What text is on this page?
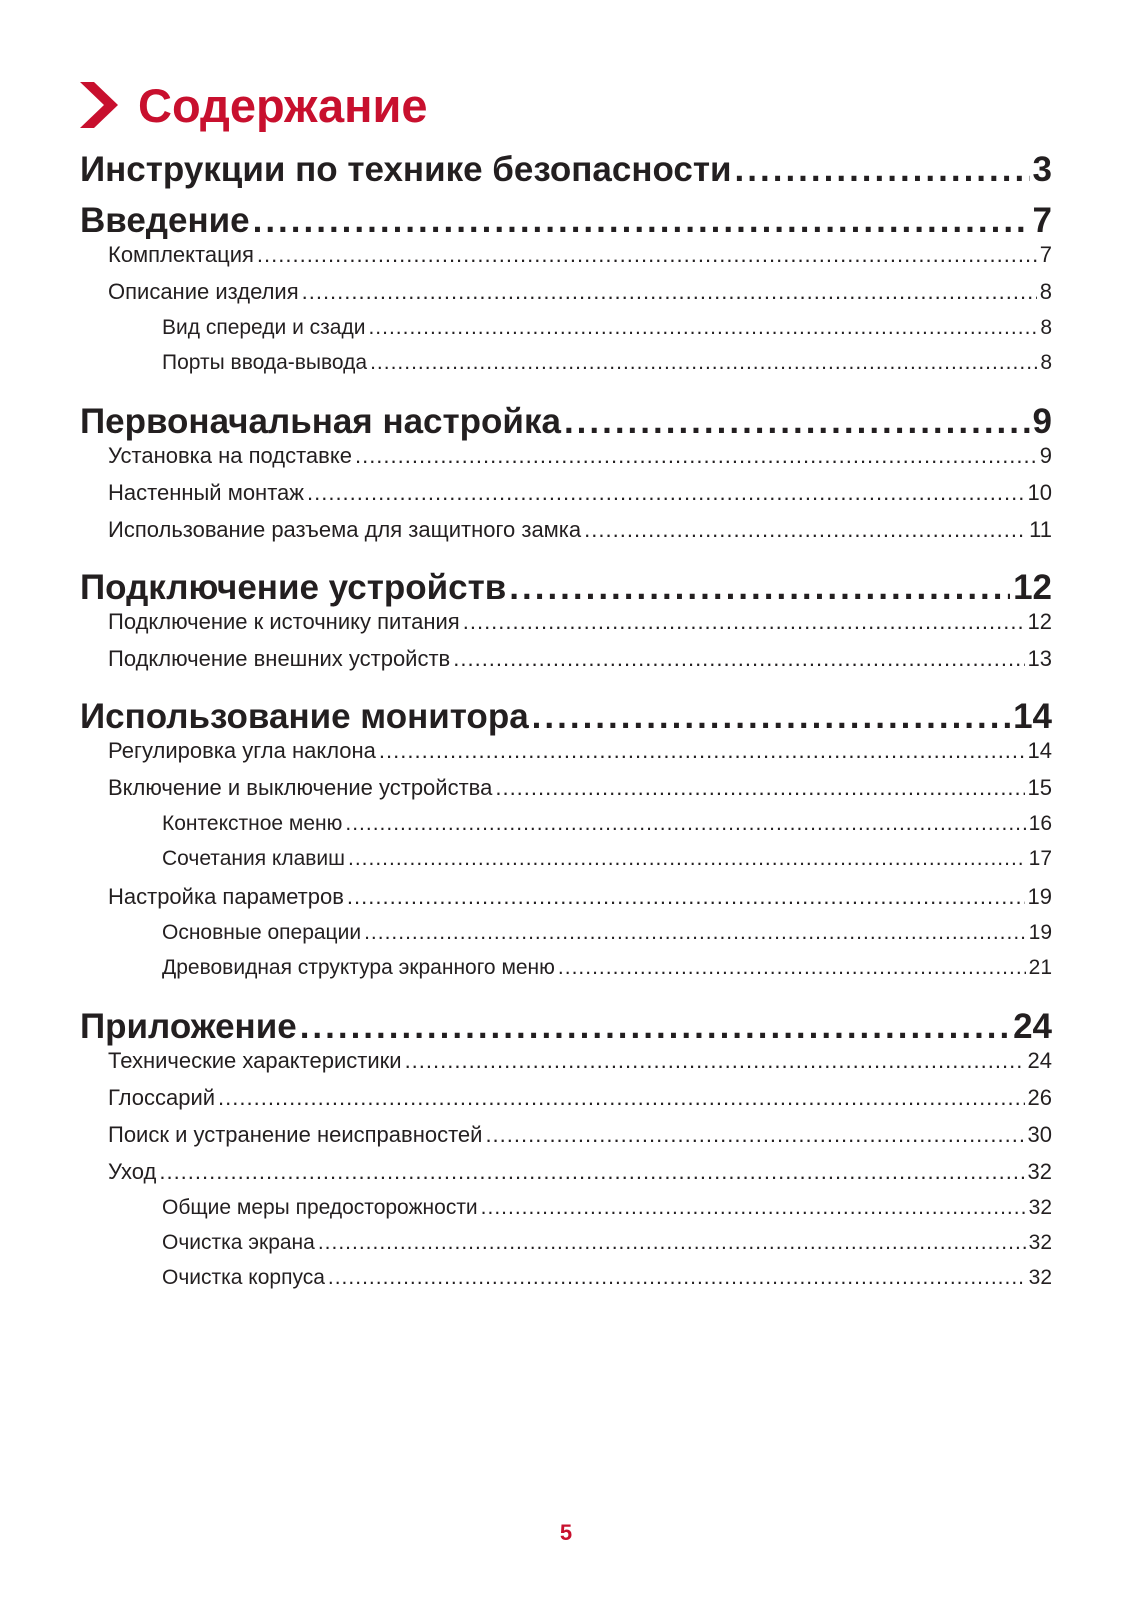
Содержание
Инструкции по технике безопасности .....	3
Введение .....	7
Комплектация .....	7
Описание изделия .....	8
Вид спереди и сзади .....	8
Порты ввода-вывода .....	8
Первоначальная настройка .....	9
Установка на подставке .....	9
Настенный монтаж .....	10
Использование разъема для защитного замка .....	11
Подключение устройств .....	12
Подключение к источнику питания .....	12
Подключение внешних устройств .....	13
Использование монитора .....	14
Регулировка угла наклона .....	14
Включение и выключение устройства .....	15
Контекстное меню .....	16
Сочетания клавиш .....	17
Настройка параметров .....	19
Основные операции .....	19
Древовидная структура экранного меню .....	21
Приложение .....	24
Технические характеристики .....	24
Глоссарий .....	26
Поиск и устранение неисправностей .....	30
Уход .....	32
Общие меры предосторожности .....	32
Очистка экрана .....	32
Очистка корпуса .....	32
5
